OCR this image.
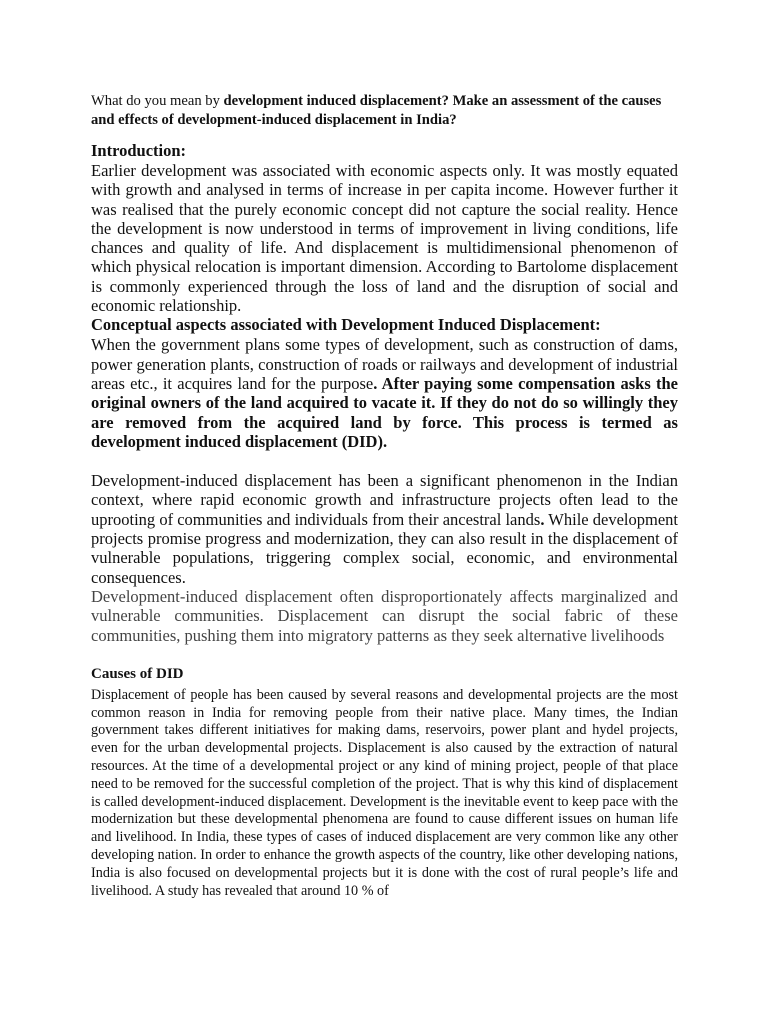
What do you mean by development induced displacement? Make an assessment of the causes and effects of development-induced displacement in India?

Introduction:

Earlier development was associated with economic aspects only. It was mostly equated with growth and analysed in terms of increase in per capita income. However further it was realised that the purely economic concept did not capture the social reality. Hence the development is now understood in terms of improvement in living conditions, life chances and quality of life. And displacement is multidimensional phenomenon of which physical relocation is important dimension. According to Bartolome displacement is commonly experienced through the loss of land and the disruption of social and economic relationship.

Conceptual aspects associated with Development Induced Displacement:

When the government plans some types of development, such as construction of dams, power generation plants, construction of roads or railways and development of industrial areas etc., it acquires land for the purpose. After paying some compensation asks the original owners of the land acquired to vacate it. If they do not do so willingly they are removed from the acquired land by force. This process is termed as development induced displacement (DID).

Development-induced displacement has been a significant phenomenon in the Indian context, where rapid economic growth and infrastructure projects often lead to the uprooting of communities and individuals from their ancestral lands. While development projects promise progress and modernization, they can also result in the displacement of vulnerable populations, triggering complex social, economic, and environmental consequences.

Development-induced displacement often disproportionately affects marginalized and vulnerable communities. Displacement can disrupt the social fabric of these communities, pushing them into migratory patterns as they seek alternative livelihoods

Causes of DID

Displacement of people has been caused by several reasons and developmental projects are the most common reason in India for removing people from their native place. Many times, the Indian government takes different initiatives for making dams, reservoirs, power plant and hydel projects, even for the urban developmental projects. Displacement is also caused by the extraction of natural resources. At the time of a developmental project or any kind of mining project, people of that place need to be removed for the successful completion of the project. That is why this kind of displacement is called development-induced displacement. Development is the inevitable event to keep pace with the modernization but these developmental phenomena are found to cause different issues on human life and livelihood. In India, these types of cases of induced displacement are very common like any other developing nation. In order to enhance the growth aspects of the country, like other developing nations, India is also focused on developmental projects but it is done with the cost of rural people’s life and livelihood. A study has revealed that around 10 % of
